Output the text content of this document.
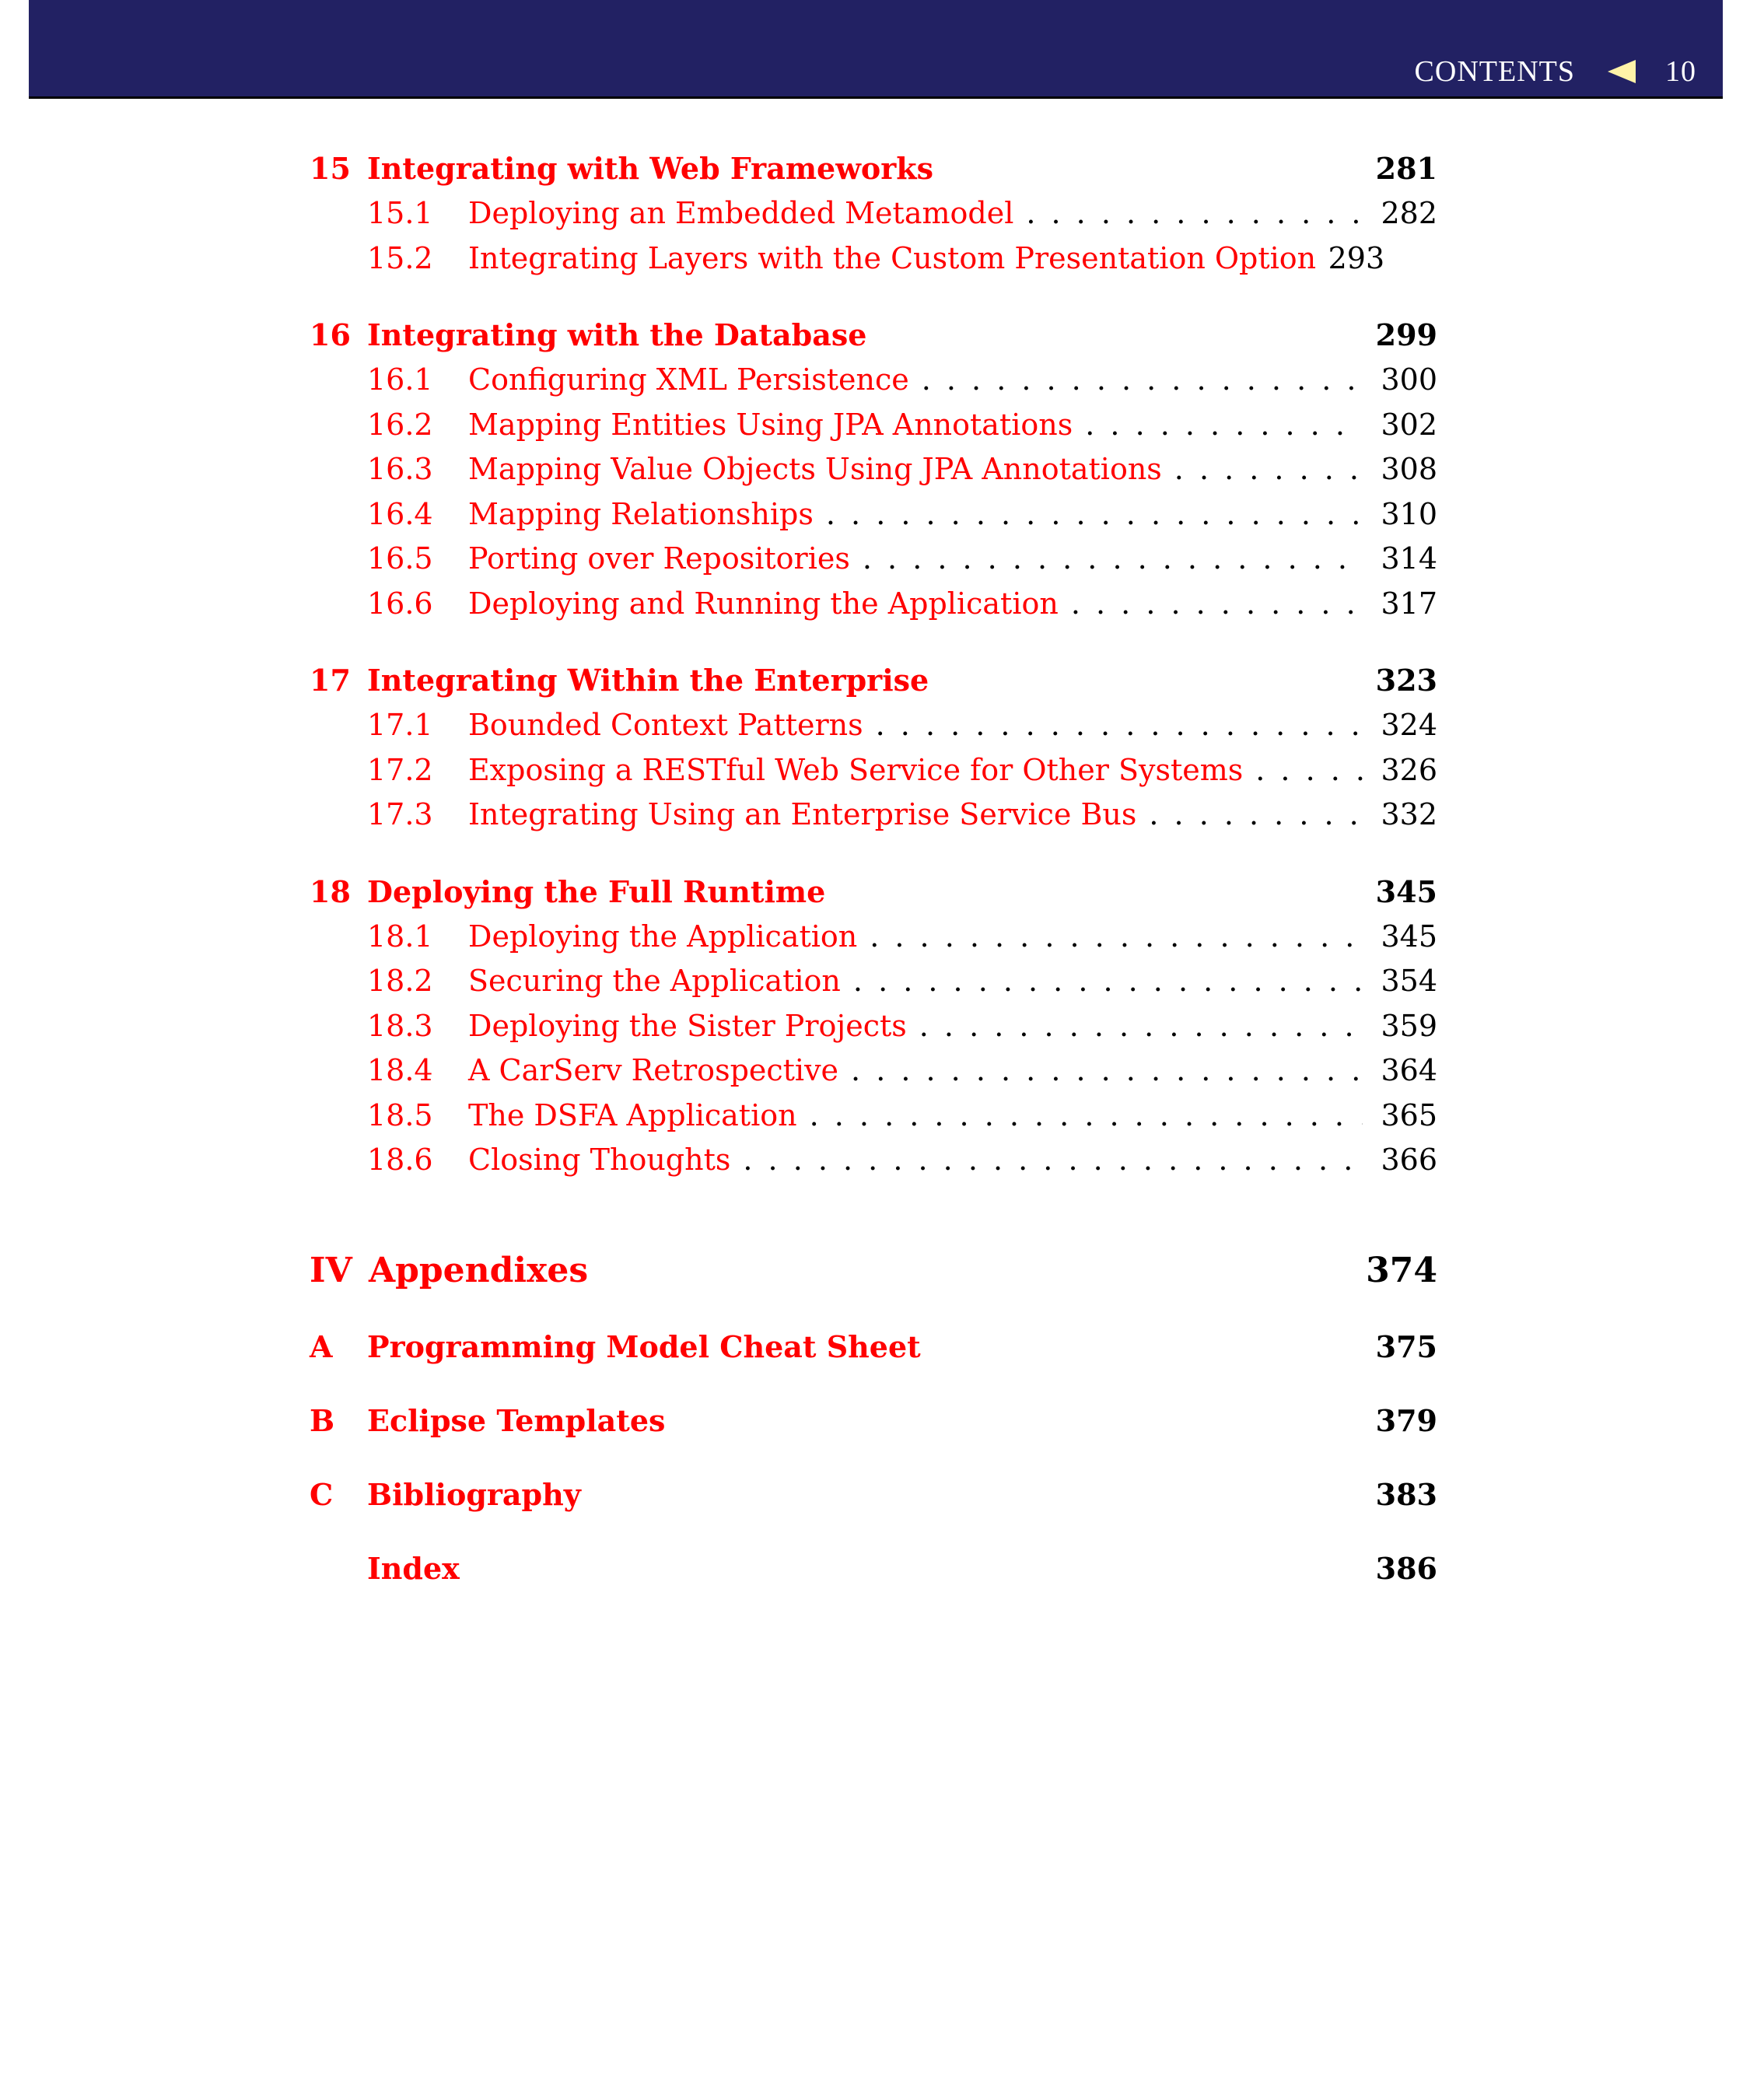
CONTENTS	10
15 Integrating with Web Frameworks	281
15.1	Deploying an Embedded Metamodel . . .	282
15.2	Integrating Layers with the Custom Presentation Option 293
16 Integrating with the Database	299
16.1	Configuring XML Persistence . . .	300
16.2	Mapping Entities Using JPA Annotations . . .	302
16.3	Mapping Value Objects Using JPA Annotations . . .	308
16.4	Mapping Relationships . . .	310
16.5	Porting over Repositories . . .	314
16.6	Deploying and Running the Application . . .	317
17 Integrating Within the Enterprise	323
17.1	Bounded Context Patterns . . .	324
17.2	Exposing a RESTful Web Service for Other Systems . . .	326
17.3	Integrating Using an Enterprise Service Bus . . .	332
18 Deploying the Full Runtime	345
18.1	Deploying the Application . . .	345
18.2	Securing the Application . . .	354
18.3	Deploying the Sister Projects . . .	359
18.4	A CarServ Retrospective . . .	364
18.5	The DSFA Application . . .	365
18.6	Closing Thoughts . . .	366
IV Appendixes	374
A	Programming Model Cheat Sheet	375
B	Eclipse Templates	379
C	Bibliography	383
Index	386
